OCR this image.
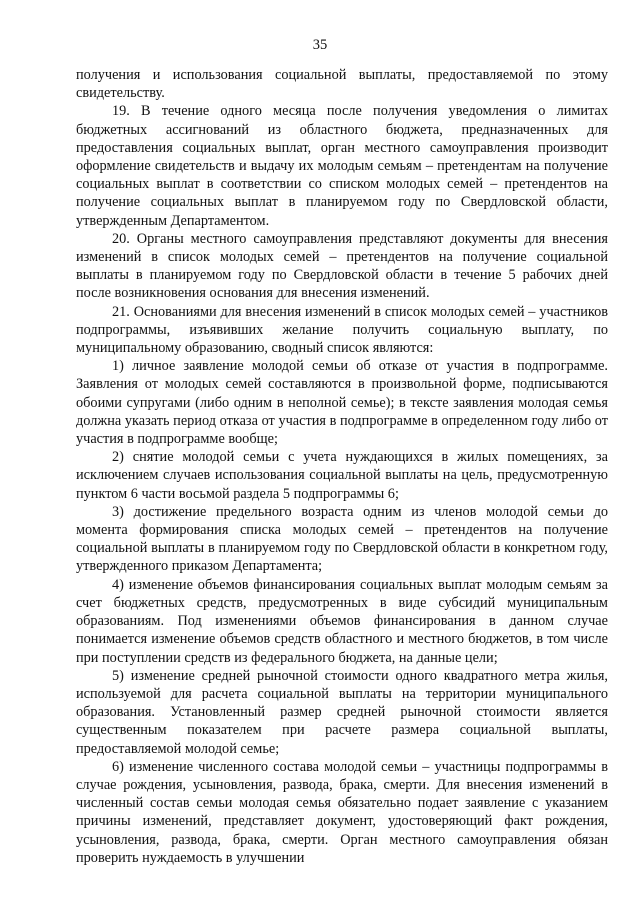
35

получения и использования социальной выплаты, предоставляемой по этому свидетельству.

19. В течение одного месяца после получения уведомления о лимитах бюджетных ассигнований из областного бюджета, предназначенных для предоставления социальных выплат, орган местного самоуправления производит оформление свидетельств и выдачу их молодым семьям – претендентам на получение социальных выплат в соответствии со списком молодых семей – претендентов на получение социальных выплат в планируемом году по Свердловской области, утвержденным Департаментом.

20. Органы местного самоуправления представляют документы для внесения изменений в список молодых семей – претендентов на получение социальной выплаты в планируемом году по Свердловской области в течение 5 рабочих дней после возникновения основания для внесения изменений.

21. Основаниями для внесения изменений в список молодых семей – участников подпрограммы, изъявивших желание получить социальную выплату, по муниципальному образованию, сводный список являются:

1) личное заявление молодой семьи об отказе от участия в подпрограмме. Заявления от молодых семей составляются в произвольной форме, подписываются обоими супругами (либо одним в неполной семье); в тексте заявления молодая семья должна указать период отказа от участия в подпрограмме в определенном году либо от участия в подпрограмме вообще;

2) снятие молодой семьи с учета нуждающихся в жилых помещениях, за исключением случаев использования социальной выплаты на цель, предусмотренную пунктом 6 части восьмой раздела 5 подпрограммы 6;

3) достижение предельного возраста одним из членов молодой семьи до момента формирования списка молодых семей – претендентов на получение социальной выплаты в планируемом году по Свердловской области в конкретном году, утвержденного приказом Департамента;

4) изменение объемов финансирования социальных выплат молодым семьям за счет бюджетных средств, предусмотренных в виде субсидий муниципальным образованиям. Под изменениями объемов финансирования в данном случае понимается изменение объемов средств областного и местного бюджетов, в том числе при поступлении средств из федерального бюджета, на данные цели;

5) изменение средней рыночной стоимости одного квадратного метра жилья, используемой для расчета социальной выплаты на территории муниципального образования. Установленный размер средней рыночной стоимости является существенным показателем при расчете размера социальной выплаты, предоставляемой молодой семье;

6) изменение численного состава молодой семьи – участницы подпрограммы в случае рождения, усыновления, развода, брака, смерти. Для внесения изменений в численный состав семьи молодая семья обязательно подает заявление с указанием причины изменений, представляет документ, удостоверяющий факт рождения, усыновления, развода, брака, смерти. Орган местного самоуправления обязан проверить нуждаемость в улучшении
